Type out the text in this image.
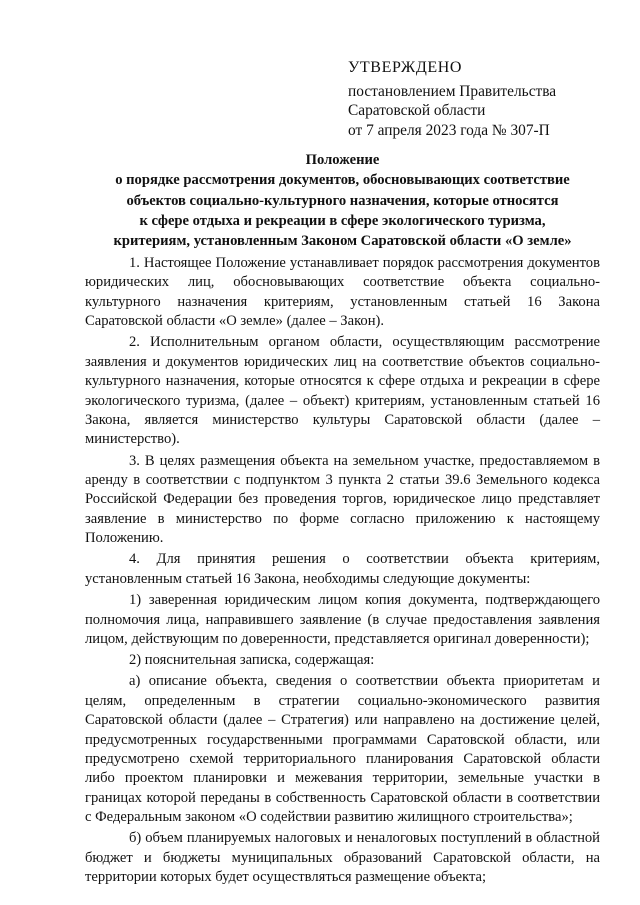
УТВЕРЖДЕНО
постановлением Правительства
Саратовской области
от 7 апреля 2023 года № 307-П
Положение
о порядке рассмотрения документов, обосновывающих соответствие
объектов социально-культурного назначения, которые относятся
к сфере отдыха и рекреации в сфере экологического туризма,
критериям, установленным Законом Саратовской области «О земле»

1. Настоящее Положение устанавливает порядок рассмотрения документов юридических лиц, обосновывающих соответствие объекта социально-культурного назначения критериям, установленным статьей 16 Закона Саратовской области «О земле» (далее – Закон).

2. Исполнительным органом области, осуществляющим рассмотрение заявления и документов юридических лиц на соответствие объектов социально-культурного назначения, которые относятся к сфере отдыха и рекреации в сфере экологического туризма, (далее – объект) критериям, установленным статьей 16 Закона, является министерство культуры Саратовской области (далее – министерство).

3. В целях размещения объекта на земельном участке, предоставляемом в аренду в соответствии с подпунктом 3 пункта 2 статьи 39.6 Земельного кодекса Российской Федерации без проведения торгов, юридическое лицо представляет заявление в министерство по форме согласно приложению к настоящему Положению.

4. Для принятия решения о соответствии объекта критериям, установленным статьей 16 Закона, необходимы следующие документы:

1) заверенная юридическим лицом копия документа, подтверждающего полномочия лица, направившего заявление (в случае предоставления заявления лицом, действующим по доверенности, представляется оригинал доверенности);

2) пояснительная записка, содержащая:

а) описание объекта, сведения о соответствии объекта приоритетам и целям, определенным в стратегии социально-экономического развития Саратовской области (далее – Стратегия) или направлено на достижение целей, предусмотренных государственными программами Саратовской области, или предусмотрено схемой территориального планирования Саратовской области либо проектом планировки и межевания территории, земельные участки в границах которой переданы в собственность Саратовской области в соответствии с Федеральным законом «О содействии развитию жилищного строительства»;

б) объем планируемых налоговых и неналоговых поступлений в областной бюджет и бюджеты муниципальных образований Саратовской области, на территории которых будет осуществляться размещение объекта;
